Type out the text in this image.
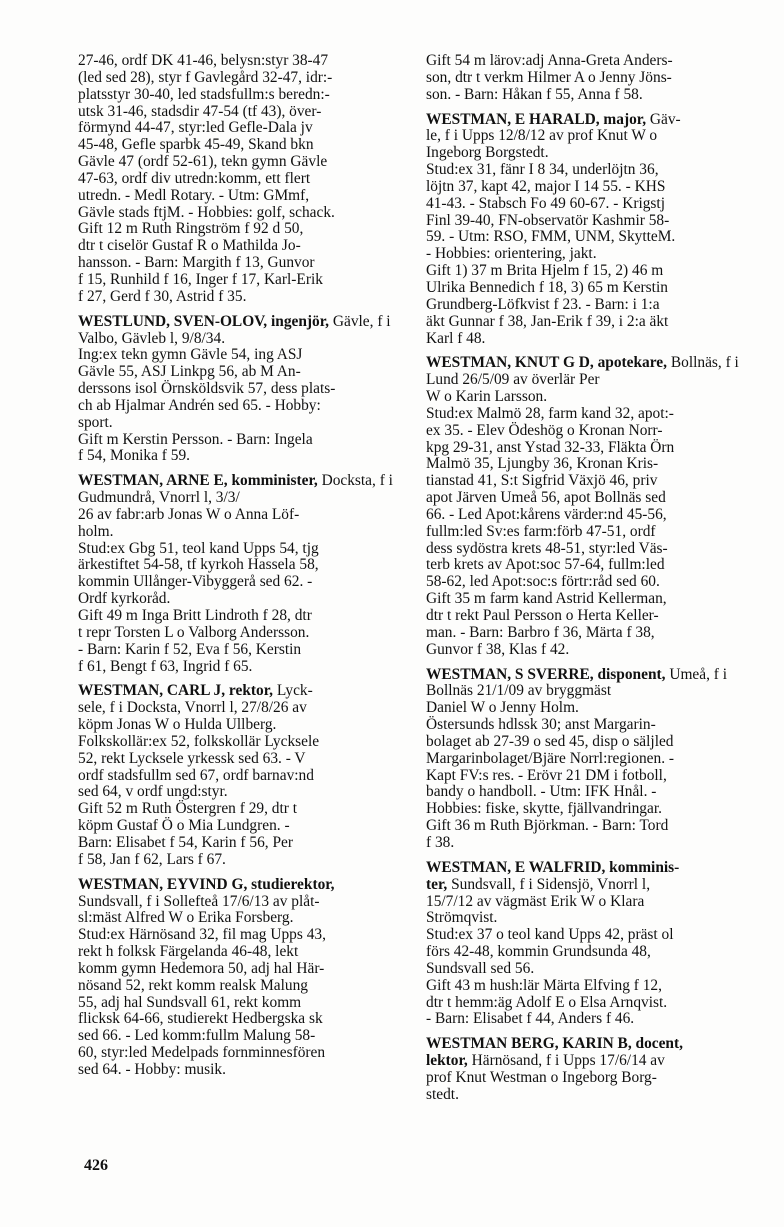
27-46, ordf DK 41-46, belysn:styr 38-47
(led sed 28), styr f Gavlegård 32-47, idr:-
platsstyr 30-40, led stadsfullm:s beredn:-
utsk 31-46, stadsdir 47-54 (tf 43), över-
förmynd 44-47, styr:led Gefle-Dala jv
45-48, Gefle sparbk 45-49, Skand bkn
Gävle 47 (ordf 52-61), tekn gymn Gävle
47-63, ordf div utredn:komm, ett flert
utredn. - Medl Rotary. - Utm: GMmf,
Gävle stads ftjM. - Hobbies: golf, schack.
Gift 12 m Ruth Ringström f 92 d 50,
dtr t ciselör Gustaf R o Mathilda Jo-
hansson. - Barn: Margith f 13, Gunvor
f 15, Runhild f 16, Inger f 17, Karl-Erik
f 27, Gerd f 30, Astrid f 35.
WESTLUND, SVEN-OLOV, ingenjör, Gävle, f i Valbo, Gävleb l, 9/8/34.
Ing:ex tekn gymn Gävle 54, ing ASJ
Gävle 55, ASJ Linkpg 56, ab M An-
derssons isol Örnsköldsvik 57, dess plats-
ch ab Hjalmar Andrén sed 65. - Hobby:
sport.
Gift m Kerstin Persson. - Barn: Ingela
f 54, Monika f 59.
WESTMAN, ARNE E, komminister, Docksta, f i Gudmundrå, Vnorrl l, 3/3/
26 av fabr:arb Jonas W o Anna Löf-
holm.
Stud:ex Gbg 51, teol kand Upps 54, tjg
ärkestiftet 54-58, tf kyrkoh Hassela 58,
kommin Ullånger-Vibyggerå sed 62. -
Ordf kyrkoråd.
Gift 49 m Inga Britt Lindroth f 28, dtr
t repr Torsten L o Valborg Andersson.
- Barn: Karin f 52, Eva f 56, Kerstin
f 61, Bengt f 63, Ingrid f 65.
WESTMAN, CARL J, rektor, Lyck-
sele, f i Docksta, Vnorrl l, 27/8/26 av
köpm Jonas W o Hulda Ullberg.
Folkskollär:ex 52, folkskollär Lycksele
52, rekt Lycksele yrkessk sed 63. - V
ordf stadsfullm sed 67, ordf barnav:nd
sed 64, v ordf ungd:styr.
Gift 52 m Ruth Östergren f 29, dtr t
köpm Gustaf Ö o Mia Lundgren. -
Barn: Elisabet f 54, Karin f 56, Per
f 58, Jan f 62, Lars f 67.
WESTMAN, EYVIND G, studierektor, Sundsvall, f i Sollefteå 17/6/13 av plåt-
sl:mäst Alfred W o Erika Forsberg.
Stud:ex Härnösand 32, fil mag Upps 43,
rekt h folksk Färgelanda 46-48, lekt
komm gymn Hedemora 50, adj hal Här-
nösand 52, rekt komm realsk Malung
55, adj hal Sundsvall 61, rekt komm
flicksk 64-66, studierekt Hedbergska sk
sed 66. - Led komm:fullm Malung 58-
60, styr:led Medelpads fornminnesfören
sed 64. - Hobby: musik.
Gift 54 m lärov:adj Anna-Greta Anders-
son, dtr t verkm Hilmer A o Jenny Jöns-
son. - Barn: Håkan f 55, Anna f 58.
WESTMAN, E HARALD, major, Gäv-
le, f i Upps 12/8/12 av prof Knut W o
Ingeborg Borgstedt.
Stud:ex 31, fänr I 8 34, underlöjtn 36,
löjtn 37, kapt 42, major I 14 55. - KHS
41-43. - Stabsch Fo 49 60-67. - Krigstj
Finl 39-40, FN-observatör Kashmir 58-
59. - Utm: RSO, FMM, UNM, SkytteM.
- Hobbies: orientering, jakt.
Gift 1) 37 m Brita Hjelm f 15, 2) 46 m
Ulrika Bennedich f 18, 3) 65 m Kerstin
Grundberg-Löfkvist f 23. - Barn: i 1:a
äkt Gunnar f 38, Jan-Erik f 39, i 2:a äkt
Karl f 48.
WESTMAN, KNUT G D, apotekare, Bollnäs, f i Lund 26/5/09 av överlär Per
W o Karin Larsson.
Stud:ex Malmö 28, farm kand 32, apot:-
ex 35. - Elev Ödeshög o Kronan Norr-
kpg 29-31, anst Ystad 32-33, Fläkta Örn
Malmö 35, Ljungby 36, Kronan Kris-
tianstad 41, S:t Sigfrid Växjö 46, priv
apot Järven Umeå 56, apot Bollnäs sed
66. - Led Apot:kårens värder:nd 45-56,
fullm:led Sv:es farm:förb 47-51, ordf
dess sydöstra krets 48-51, styr:led Väs-
terb krets av Apot:soc 57-64, fullm:led
58-62, led Apot:soc:s förtr:råd sed 60.
Gift 35 m farm kand Astrid Kellerman,
dtr t rekt Paul Persson o Herta Keller-
man. - Barn: Barbro f 36, Märta f 38,
Gunvor f 38, Klas f 42.
WESTMAN, S SVERRE, disponent, Umeå, f i Bollnäs 21/1/09 av bryggmäst
Daniel W o Jenny Holm.
Östersunds hdlssk 30; anst Margarin-
bolaget ab 27-39 o sed 45, disp o säljled
Margarinbolaget/Bjäre Norrl:regionen. -
Kapt FV:s res. - Erövr 21 DM i fotboll,
bandy o handboll. - Utm: IFK Hnål. -
Hobbies: fiske, skytte, fjällvandringar.
Gift 36 m Ruth Björkman. - Barn: Tord
f 38.
WESTMAN, E WALFRID, komminis-
ter, Sundsvall, f i Sidensjö, Vnorrl l,
15/7/12 av vägmäst Erik W o Klara
Strömqvist.
Stud:ex 37 o teol kand Upps 42, präst ol
förs 42-48, kommin Grundsunda 48,
Sundsvall sed 56.
Gift 43 m hush:lär Märta Elfving f 12,
dtr t hemm:äg Adolf E o Elsa Arnqvist.
- Barn: Elisabet f 44, Anders f 46.
WESTMAN BERG, KARIN B, docent,
lektor, Härnösand, f i Upps 17/6/14 av
prof Knut Westman o Ingeborg Borg-
stedt.
426
